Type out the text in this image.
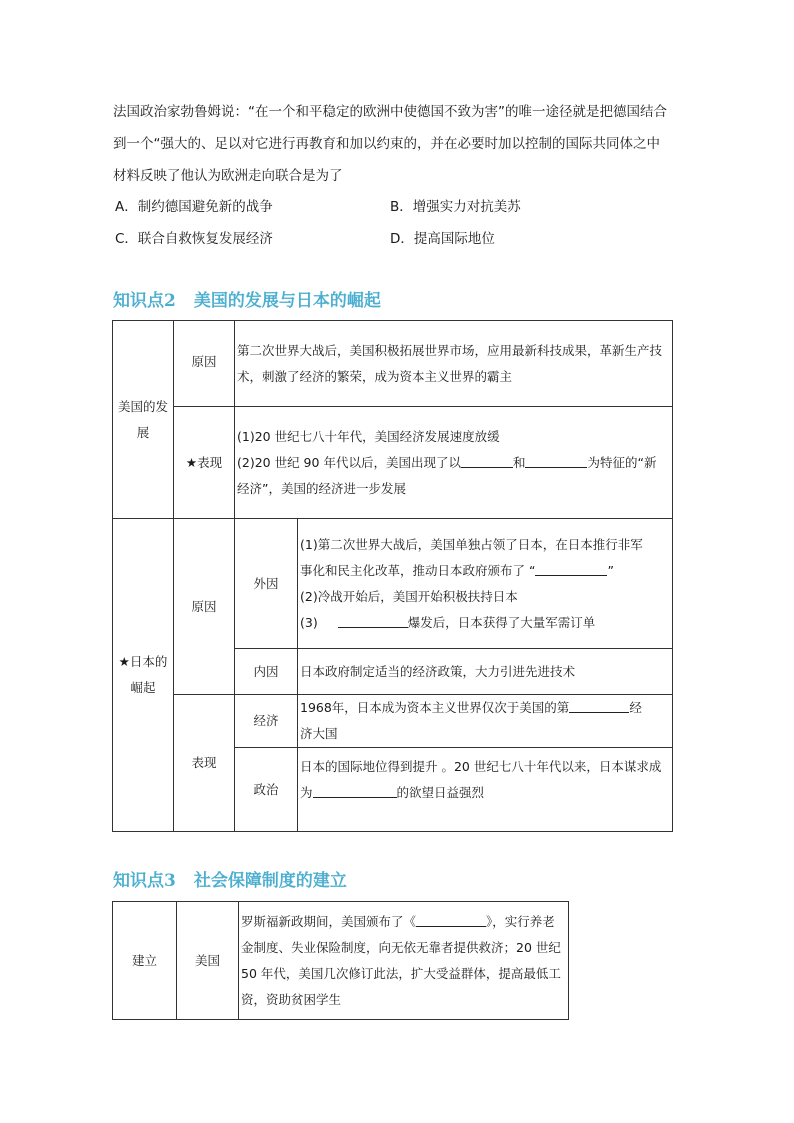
法国政治家勃鲁姆说：“在一个和平稳定的欧洲中使德国不致为害”的唯一途径就是把德国结合
到一个“强大的、足以对它进行再教育和加以约束的，并在必要时加以控制的国际共同体之中
材料反映了他认为欧洲走向联合是为了
A．制约德国避免新的战争	B．增强实力对抗美苏
C．联合自救恢复发展经济	D．提高国际地位
知识点2 美国的发展与日本的崛起
美国的发
展	原因	第二次世界大战后，美国积极拓展世界市场，应用最新科技成果，革新生产技
术，刺激了经济的繁荣，成为资本主义世界的霸主	

	★表现	(1)20 世纪七八十年代，美国经济发展速度放缓
(2)20 世纪 90 年代以后，美国出现了以 和 为特征的“新
经济”，美国的经济进一步发展	

★日本的
崛起	原因	外因	(1)第二次世界大战后，美国单独占领了日本，在日本推行非军
事化和民主化改革，推动日本政府颁布了 “ ”
(2)冷战开始后，美国开始积极扶持日本
(3) 爆发后，日本获得了大量军需订单

		内因	日本政府制定适当的经济政策，大力引进先进技术
	表现	经济	1968年，日本成为资本主义世界仅次于美国的第 经
济大国

		政治	日本的国际地位得到提升 。20 世纪七八十年代以来，日本谋求成
为 的欲望日益强烈
知识点3 社会保障制度的建立
建立	美国	
罗斯福新政期间，美国颁布了《	》，实行养老
金制度、失业保险制度，向无依无靠者提供救济；20 世纪
50 年代，美国几次修订此法，扩大受益群体，提高最低工
资，资助贫困学生
